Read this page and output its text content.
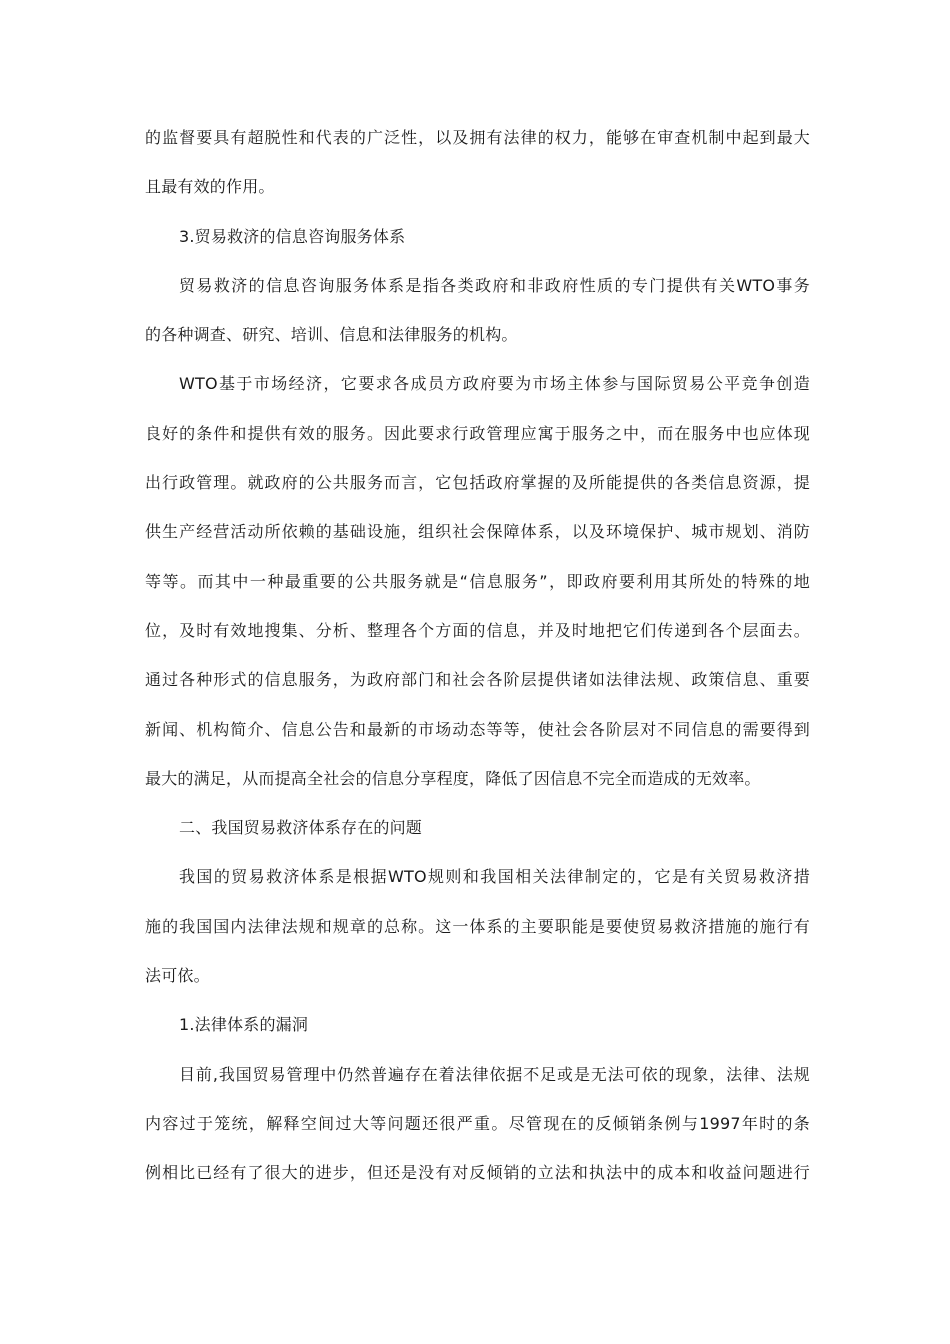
的监督要具有超脱性和代表的广泛性，以及拥有法律的权力，能够在审查机制中起到最大
且最有效的作用。
3.贸易救济的信息咨询服务体系
贸易救济的信息咨询服务体系是指各类政府和非政府性质的专门提供有关WTO事务
的各种调查、研究、培训、信息和法律服务的机构。
WTO基于市场经济，它要求各成员方政府要为市场主体参与国际贸易公平竞争创造
良好的条件和提供有效的服务。因此要求行政管理应寓于服务之中，而在服务中也应体现
出行政管理。就政府的公共服务而言，它包括政府掌握的及所能提供的各类信息资源，提
供生产经营活动所依赖的基础设施，组织社会保障体系，以及环境保护、城市规划、消防
等等。而其中一种最重要的公共服务就是“信息服务”，即政府要利用其所处的特殊的地
位，及时有效地搜集、分析、整理各个方面的信息，并及时地把它们传递到各个层面去。
通过各种形式的信息服务，为政府部门和社会各阶层提供诸如法律法规、政策信息、重要
新闻、机构简介、信息公告和最新的市场动态等等，使社会各阶层对不同信息的需要得到
最大的满足，从而提高全社会的信息分享程度，降低了因信息不完全而造成的无效率。
二、我国贸易救济体系存在的问题
我国的贸易救济体系是根据WTO规则和我国相关法律制定的，它是有关贸易救济措
施的我国国内法律法规和规章的总称。这一体系的主要职能是要使贸易救济措施的施行有
法可依。
1.法律体系的漏洞
目前,我国贸易管理中仍然普遍存在着法律依据不足或是无法可依的现象，法律、法规
内容过于笼统，解释空间过大等问题还很严重。尽管现在的反倾销条例与1997年时的条
例相比已经有了很大的进步，但还是没有对反倾销的立法和执法中的成本和收益问题进行
